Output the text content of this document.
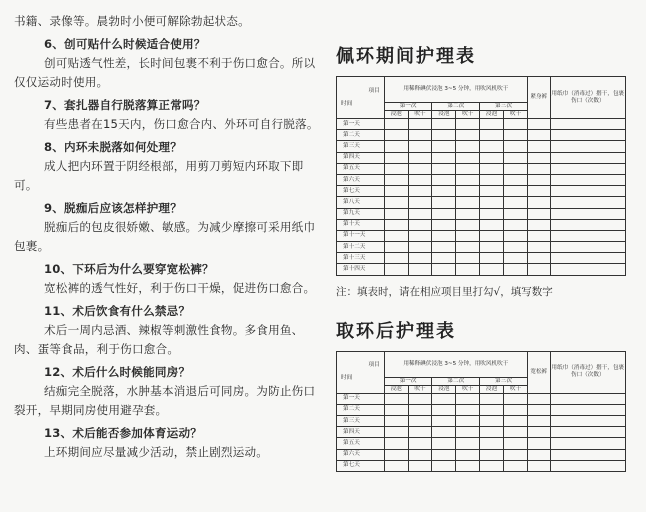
书籍、录像等。晨勃时小便可解除勃起状态。
6、创可贴什么时候适合使用？
创可贴透气性差，长时间包裹不利于伤口愈合。所以
仅仅运动时使用。
7、套扎器自行脱落算正常吗？
有些患者在15天内，伤口愈合内、外环可自行脱落。
8、内环未脱落如何处理？
成人把内环置于阴经根部，用剪刀剪短内环取下即
可。
9、脱痂后应该怎样护理？
脱痂后的包皮很娇嫩、敏感。为减少摩擦可采用纸巾
包裹。
10、下环后为什么要穿宽松裤？
宽松裤的透气性好，利于伤口干燥，促进伤口愈合。
11、术后饮食有什么禁忌？
术后一周内忌酒、辣椒等刺激性食物。多食用鱼、
肉、蛋等食品，利于伤口愈合。
12、术后什么时候能同房？
结痂完全脱落，水肿基本消退后可同房。为防止伤口
裂开，早期同房使用避孕套。
13、术后能否参加体育运动？
上环期间应尽量减少活动，禁止剧烈运动。
佩环期间护理表
项目
时间	用稀释碘伏浸泡 3~5 分钟，用吹风机吹干						紧身裤	用纸巾（消毒过）揩干，包裹伤口（次数）
	第一次		第二次		第三次			
	浸泡	吹干	浸泡	吹干	浸泡	吹干		
第一天								
第二天								
第三天								
第四天								
第五天								
第六天								
第七天								
第八天								
第九天								
第十天								
第十一天								
第十二天								
第十三天								
第十四天								
注：填表时，请在相应项目里打勾√，填写数字
取环后护理表
项目
时间	用稀释碘伏浸泡 3~5 分钟，用吹风机吹干						宽松裤	用纸巾（消毒过）揩干，包裹伤口（次数）
	第一次		第二次		第三次			
	浸泡	吹干	浸泡	吹干	浸泡	吹干		
第一天								
第二天								
第三天								
第四天								
第五天								
第六天								
第七天								
